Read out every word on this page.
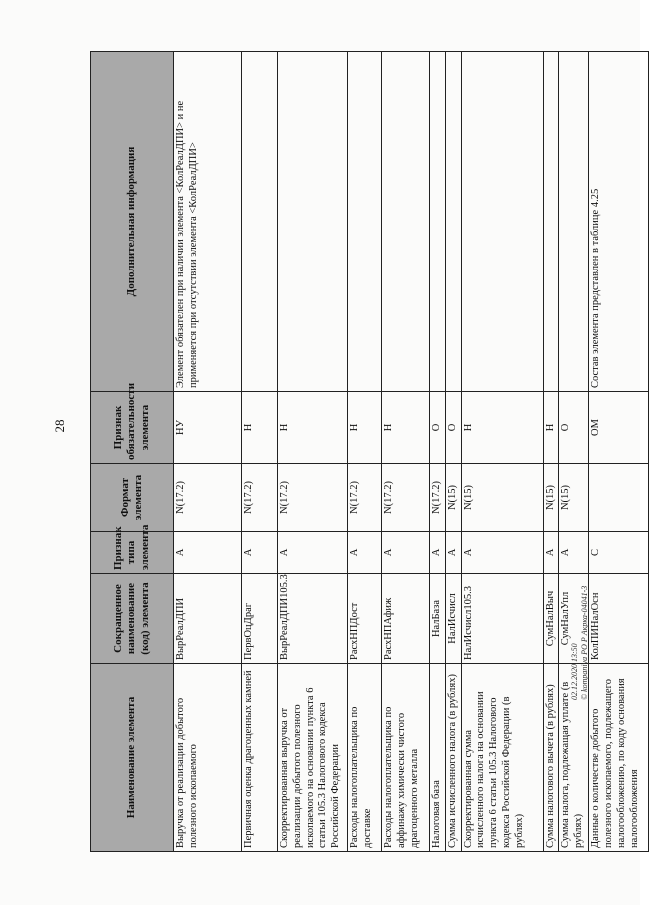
28
Наименование элемента	Сокращенное наименование (код) элемента	Признак типа элемента	Формат элемента	Признак обязательности элемента	Дополнительная информация
Выручка от реализации добытого полезного ископаемого	ВырРеалДПИ	А	N(17.2)	НУ	Элемент обязателен при наличии элемента <КолРеалДПИ> и не применяется при отсутствии элемента <КолРеалДПИ>
Первичная оценка драгоценных камней	ПервОцДраг	А	N(17.2)	Н	
Скорректированная выручка от реализации добытого полезного ископаемого на основании пункта 6 статьи 105.3 Налогового кодекса Российской Федерации	ВырРеалДПИ105.3	А	N(17.2)	Н	
Расходы налогоплательщика по доставке	РасхНПДост	А	N(17.2)	Н	
Расходы налогоплательщика по аффинажу химически чистого драгоценного металла	РасхНПАфиж	А	N(17.2)	Н	
Налоговая база	НалБаза	А	N(17.2)	О	
Сумма исчисленного налога (в рублях)	НалИсчисл	А	N(15)	О	
Скорректированная сумма исчисленного налога на основании пункта 6 статьи 105.3 Налогового кодекса Российской Федерации (в рублях)	НалИсчисл105.3	А	N(15)	Н	
Сумма налогового вычета (в рублях)	СумНалВыч	А	N(15)	Н	
Сумма налога, подлежащая уплате (в рублях)	СумНалУпл	А	N(15)	О	
Данные о количестве добытого полезного ископаемого, подлежащего налогообложению, по коду основания налогообложения	КолПИНалОсн	С		ОМ	Состав элемента представлен в таблице 4.25
02.12.2020 13:50 © kompaniya PO Р Акрка-04041-3
